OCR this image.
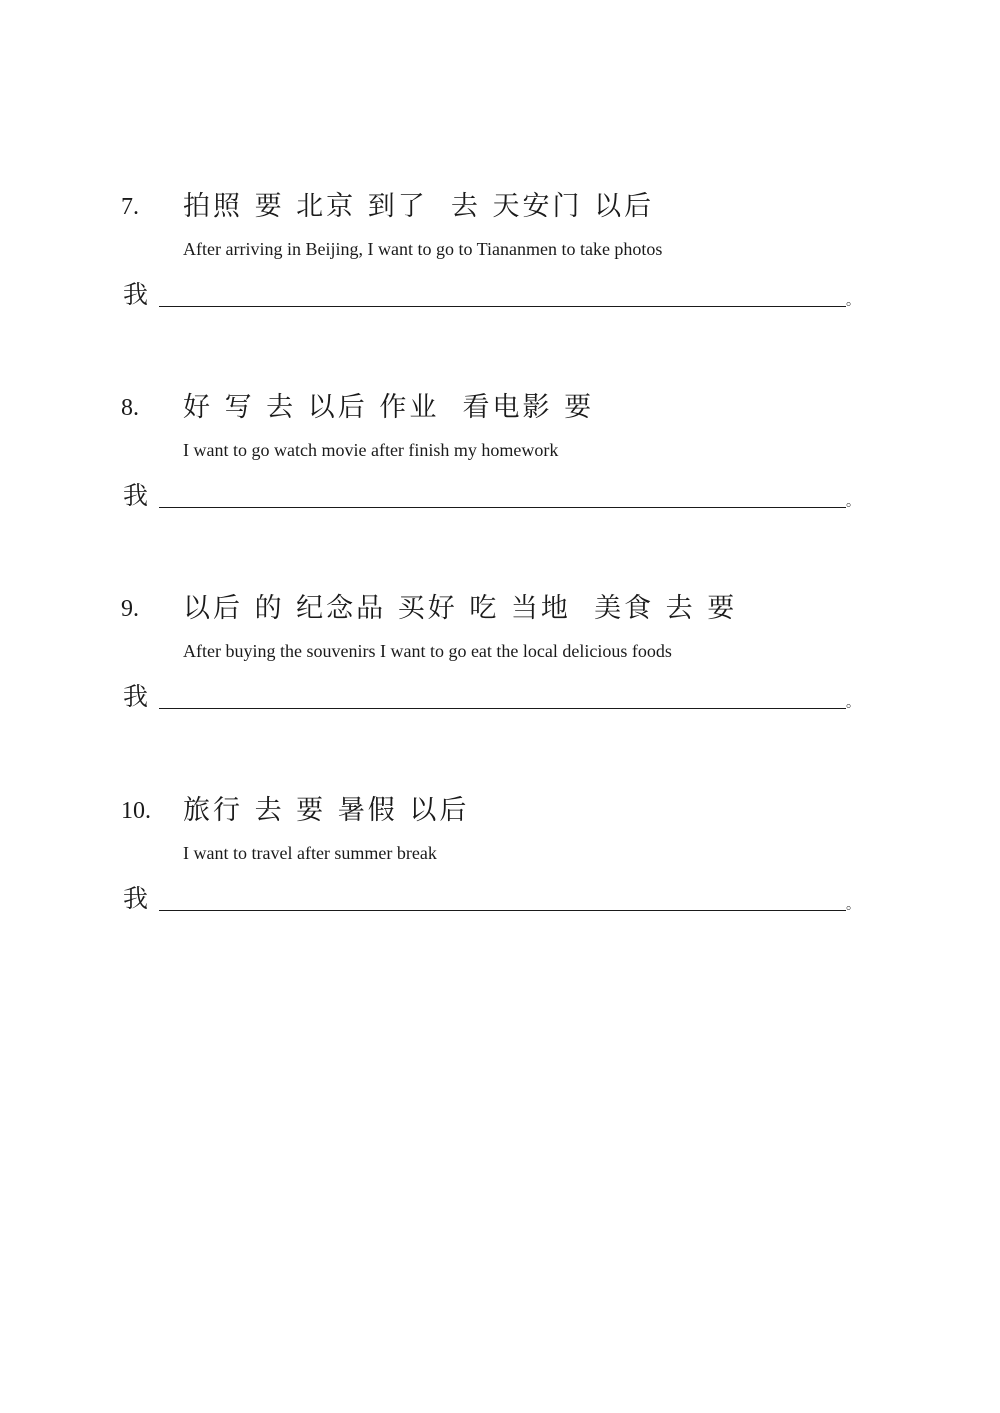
7. 拍照 要 北京 到了  去 天安门 以后
After arriving in Beijing, I want to go to Tiananmen to take photos
我	。
8. 好 写 去 以后 作业  看电影 要
I want to go watch movie after finish my homework
我	。
9. 以后 的 纪念品 买好 吃 当地  美食 去 要
After buying the souvenirs I want to go eat the local delicious foods
我	。
10. 旅行 去 要 暑假 以后
I want to travel after summer break
我	。
